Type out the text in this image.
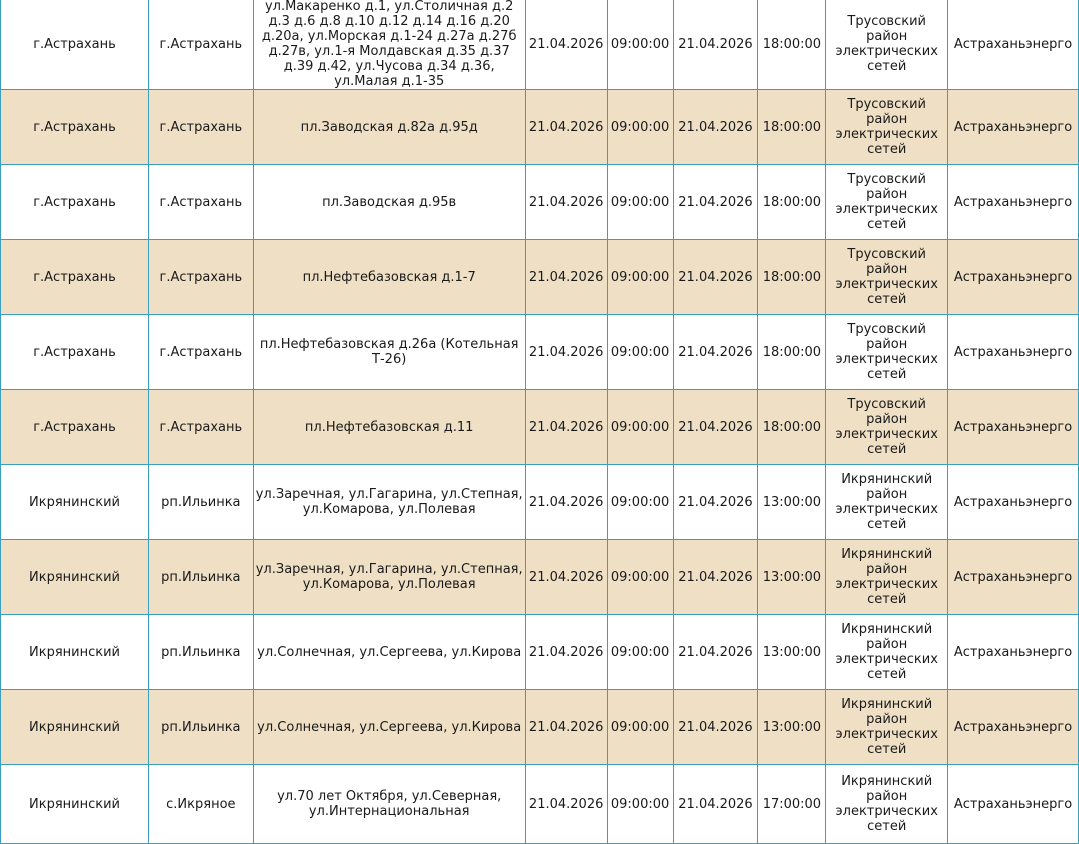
г.Астрахань	г.Астрахань	ул.Макаренко д.1, ул.Столичная д.2 д.3 д.6 д.8 д.10 д.12 д.14 д.16 д.20 д.20а, ул.Морская д.1-24 д.27а д.27б д.27в, ул.1-я Молдавская д.35 д.37 д.39 д.42, ул.Чусова д.34 д.36, ул.Малая д.1-35	21.04.2026	09:00:00	21.04.2026	18:00:00	Трусовский район электрических сетей	Астраханьэнерго
г.Астрахань	г.Астрахань	пл.Заводская д.82а д.95д	21.04.2026	09:00:00	21.04.2026	18:00:00	Трусовский район электрических сетей	Астраханьэнерго
г.Астрахань	г.Астрахань	пл.Заводская д.95в	21.04.2026	09:00:00	21.04.2026	18:00:00	Трусовский район электрических сетей	Астраханьэнерго
г.Астрахань	г.Астрахань	пл.Нефтебазовская д.1-7	21.04.2026	09:00:00	21.04.2026	18:00:00	Трусовский район электрических сетей	Астраханьэнерго
г.Астрахань	г.Астрахань	пл.Нефтебазовская д.26а (Котельная Т-26)	21.04.2026	09:00:00	21.04.2026	18:00:00	Трусовский район электрических сетей	Астраханьэнерго
г.Астрахань	г.Астрахань	пл.Нефтебазовская д.11	21.04.2026	09:00:00	21.04.2026	18:00:00	Трусовский район электрических сетей	Астраханьэнерго
Икрянинский	рп.Ильинка	ул.Заречная, ул.Гагарина, ул.Степная, ул.Комарова, ул.Полевая	21.04.2026	09:00:00	21.04.2026	13:00:00	Икрянинский район электрических сетей	Астраханьэнерго
Икрянинский	рп.Ильинка	ул.Заречная, ул.Гагарина, ул.Степная, ул.Комарова, ул.Полевая	21.04.2026	09:00:00	21.04.2026	13:00:00	Икрянинский район электрических сетей	Астраханьэнерго
Икрянинский	рп.Ильинка	ул.Солнечная, ул.Сергеева, ул.Кирова	21.04.2026	09:00:00	21.04.2026	13:00:00	Икрянинский район электрических сетей	Астраханьэнерго
Икрянинский	рп.Ильинка	ул.Солнечная, ул.Сергеева, ул.Кирова	21.04.2026	09:00:00	21.04.2026	13:00:00	Икрянинский район электрических сетей	Астраханьэнерго
Икрянинский	с.Икряное	ул.70 лет Октября, ул.Северная, ул.Интернациональная	21.04.2026	09:00:00	21.04.2026	17:00:00	Икрянинский район электрических сетей	Астраханьэнерго
